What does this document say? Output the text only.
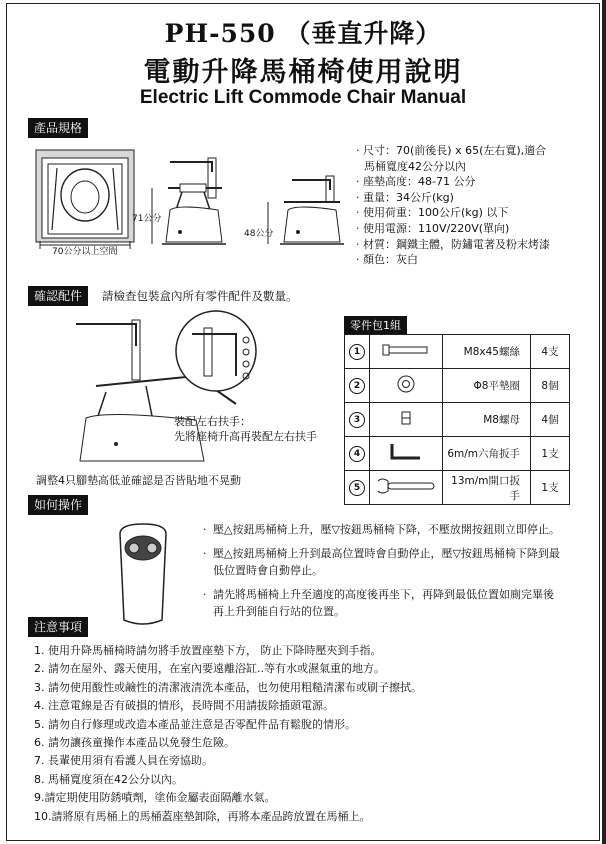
PH-550 （垂直升降）
電動升降馬桶椅使用說明
Electric Lift Commode Chair Manual
產品規格
70公分以上空間
71公分
48公分
· 尺寸：70(前後長) x 65(左右寬),適合
馬桶寬度42公分以內
· 座墊高度：48-71 公分
· 重量：34公斤(kg)
· 使用荷重：100公斤(kg) 以下
· 使用電源：110V/220V(單向)
· 材質：鋼鐵主體，防鏽電著及粉末烤漆
· 顏色：灰白
確認配件	請檢查包裝盒內所有零件配件及數量。
裝配左右扶手：
先將座椅升高再裝配左右扶手
調整4只腳墊高低並確認是否皆貼地不晃動
零件包1組
1		M8x45螺絲	4支
2		Φ8平墊圈	8個
3		M8螺母	4個
4		6m/m六角扳手	1支
5		13m/m開口扳手	1支
如何操作
· 壓△按鈕馬桶椅上升，壓▽按鈕馬桶椅下降，不壓放開按鈕則立即停止。
· 壓△按鈕馬桶椅上升到最高位置時會自動停止，壓▽按鈕馬桶椅下降到最低位置時會自動停止。
· 請先將馬桶椅上升至適度的高度後再坐下，再降到最低位置如廁完畢後再上升到能自行站的位置。
注意事項
1. 使用升降馬桶椅時請勿將手放置座墊下方， 防止下降時壓夾到手指。
2. 請勿在屋外、露天使用，在室內要遠離浴缸..等有水或濕氣重的地方。
3. 請勿使用酸性或鹼性的清潔液清洗本產品，也勿使用粗糙清潔布或刷子擦拭。
4. 注意電線是否有破損的情形，長時間不用請拔除插頭電源。
5. 請勿自行修理或改造本產品並注意是否零配件品有鬆脫的情形。
6. 請勿讓孩童操作本產品以免發生危險。
7. 長輩使用須有看護人員在旁協助。
8. 馬桶寬度須在42公分以內。
9.請定期使用防銹噴劑，塗佈金屬表面隔離水氣。
10.請將原有馬桶上的馬桶蓋座墊卸除，再將本產品跨放置在馬桶上。
